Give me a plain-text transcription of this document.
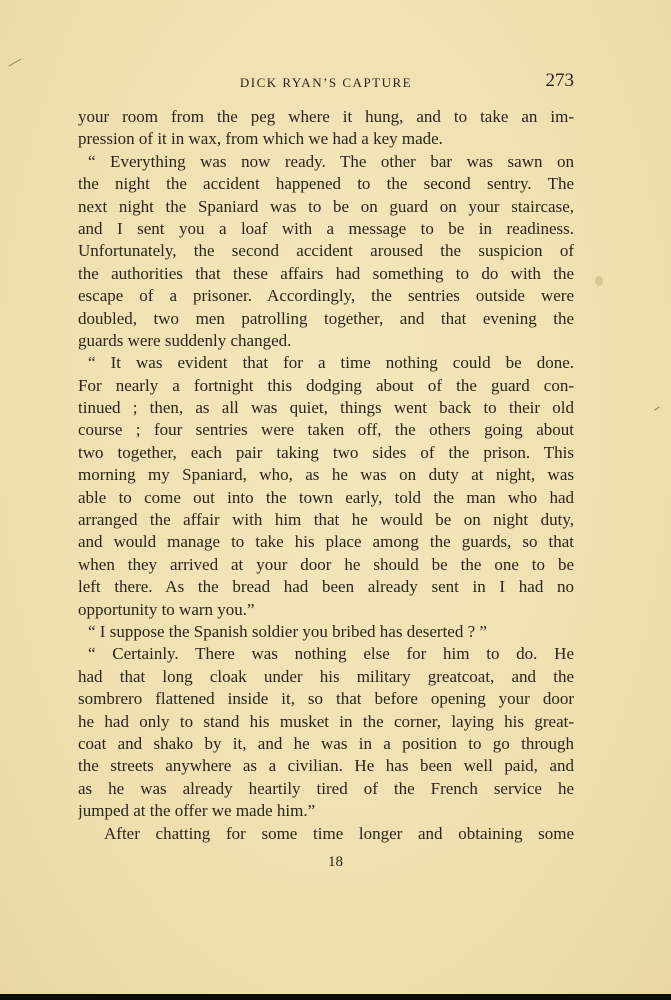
DICK RYAN’S CAPTURE	273
your room from the peg where it hung, and to take an im-
pression of it in wax, from which we had a key made.
“ Everything was now ready. The other bar was sawn on
the night the accident happened to the second sentry. The
next night the Spaniard was to be on guard on your staircase,
and I sent you a loaf with a message to be in readiness.
Unfortunately, the second accident aroused the suspicion of
the authorities that these affairs had something to do with the
escape of a prisoner. Accordingly, the sentries outside were
doubled, two men patrolling together, and that evening the
guards were suddenly changed.
“ It was evident that for a time nothing could be done.
For nearly a fortnight this dodging about of the guard con-
tinued ; then, as all was quiet, things went back to their old
course ; four sentries were taken off, the others going about
two together, each pair taking two sides of the prison. This
morning my Spaniard, who, as he was on duty at night, was
able to come out into the town early, told the man who had
arranged the affair with him that he would be on night duty,
and would manage to take his place among the guards, so that
when they arrived at your door he should be the one to be
left there. As the bread had been already sent in I had no
opportunity to warn you.”
“ I suppose the Spanish soldier you bribed has deserted ? ”
“ Certainly. There was nothing else for him to do. He
had that long cloak under his military greatcoat, and the
sombrero flattened inside it, so that before opening your door
he had only to stand his musket in the corner, laying his great-
coat and shako by it, and he was in a position to go through
the streets anywhere as a civilian. He has been well paid, and
as he was already heartily tired of the French service he
jumped at the offer we made him.”
After chatting for some time longer and obtaining some
18
